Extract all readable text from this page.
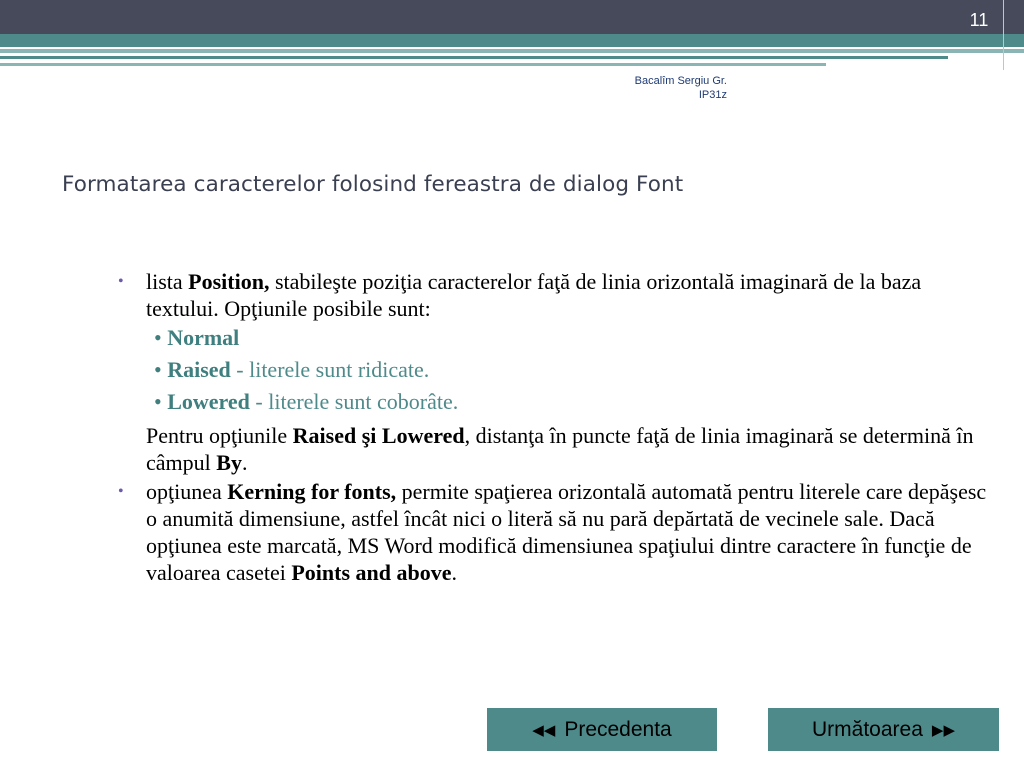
11
Bacalîm Sergiu Gr.
IP31z
Formatarea caracterelor folosind fereastra de dialog Font
• lista Position, stabileşte poziţia caracterelor faţă de linia orizontală imaginară de la baza textului. Opţiunile posibile sunt:
• Normal
• Raised - literele sunt ridicate.
• Lowered - literele sunt coborâte.
Pentru opţiunile Raised şi Lowered, distanţa în puncte faţă de linia imaginară se determină în câmpul By.
• opţiunea Kerning for fonts, permite spaţierea orizontală automată pentru literele care depăşesc o anumită dimensiune, astfel încât nici o literă să nu pară depărtată de vecinele sale. Dacă opţiunea este marcată, MS Word modifică dimensiunea spaţiului dintre caractere în funcţie de valoarea casetei Points and above.
◀◀ Precedenta	Următoarea ▶▶
